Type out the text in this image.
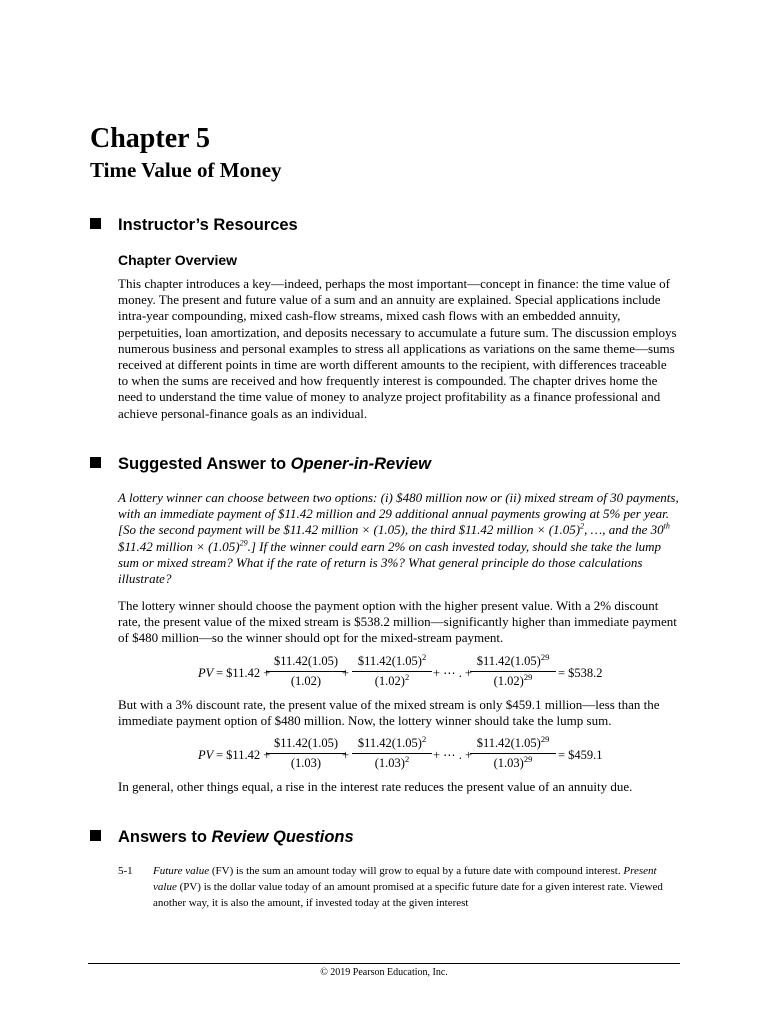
Chapter 5
Time Value of Money
Instructor’s Resources
Chapter Overview

This chapter introduces a key—indeed, perhaps the most important—concept in finance: the time value of money. The present and future value of a sum and an annuity are explained. Special applications include intra-year compounding, mixed cash-flow streams, mixed cash flows with an embedded annuity, perpetuities, loan amortization, and deposits necessary to accumulate a future sum. The discussion employs numerous business and personal examples to stress all applications as variations on the same theme—sums received at different points in time are worth different amounts to the recipient, with differences traceable to when the sums are received and how frequently interest is compounded. The chapter drives home the need to understand the time value of money to analyze project profitability as a finance professional and achieve personal-finance goals as an individual.

Suggested Answer to Opener-in-Review

A lottery winner can choose between two options: (i) $480 million now or (ii) mixed stream of 30 payments, with an immediate payment of $11.42 million and 29 additional annual payments growing at 5% per year. [So the second payment will be $11.42 million × (1.05), the third $11.42 million × $(1.05)^2$, …, and the 30th $11.42 million × $(1.05)^{29}$.] If the winner could earn 2% on cash invested today, should she take the lump sum or mixed stream? What if the rate of return is 3%? What general principle do those calculations illustrate?

The lottery winner should choose the payment option with the higher present value. With a 2% discount rate, the present value of the mixed stream is $538.2 million—significantly higher than immediate payment of $480 million—so the winner should opt for the mixed-stream payment.

PV = $11.42 +
$\frac{\$11.42(1.05)}{(1.02)}$
+ $\frac{\$11.42(1.05)^2}{(1.02)^2}$ + ⋯ . +
$\frac{\$11.42(1.05)^{29}}{(1.02)^{29}}$ = $538.2

But with a 3% discount rate, the present value of the mixed stream is only $459.1 million—less than the immediate payment option of $480 million. Now, the lottery winner should take the lump sum.

PV = $11.42 +
$\frac{\$11.42(1.05)}{(1.03)}$
+ $\frac{\$11.42(1.05)^2}{(1.03)^2}$ + ⋯ . +
$\frac{\$11.42(1.05)^{29}}{(1.03)^{29}}$ = $459.1

In general, other things equal, a rise in the interest rate reduces the present value of an annuity due.

Answers to Review Questions

5-1 Future value (FV) is the sum an amount today will grow to equal by a future date with compound interest. Present value (PV) is the dollar value today of an amount promised at a specific future date for a given interest rate. Viewed another way, it is also the amount, if invested today at the given interest

© 2019 Pearson Education, Inc.
